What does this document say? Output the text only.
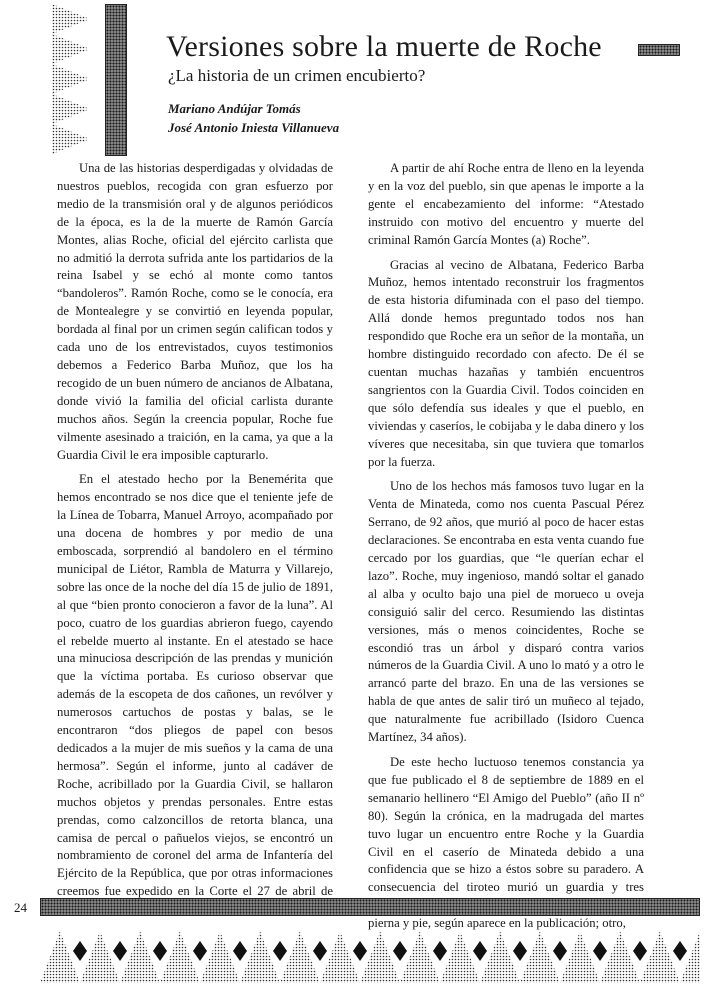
Versiones sobre la muerte de Roche
¿La historia de un crimen encubierto?
Mariano Andújar Tomás
José Antonio Iniesta Villanueva

Una de las historias desperdigadas y olvidadas de nuestros pueblos, recogida con gran esfuerzo por medio de la transmisión oral y de algunos periódicos de la época, es la de la muerte de Ramón García Montes, alias Roche, oficial del ejército carlista que no admitió la derrota sufrida ante los partidarios de la reina Isabel y se echó al monte como tantos “bandoleros”. Ramón Roche, como se le conocía, era de Montealegre y se convirtió en leyenda popular, bordada al final por un crimen según califican todos y cada uno de los entrevistados, cuyos testimonios debemos a Federico Barba Muñoz, que los ha recogido de un buen número de ancianos de Albatana, donde vivió la familia del oficial carlista durante muchos años. Según la creencia popular, Roche fue vilmente asesinado a traición, en la cama, ya que a la Guardia Civil le era imposible capturarlo.

En el atestado hecho por la Benemérita que hemos encontrado se nos dice que el teniente jefe de la Línea de Tobarra, Manuel Arroyo, acompañado por una docena de hombres y por medio de una emboscada, sorprendió al bandolero en el término municipal de Liétor, Rambla de Maturra y Villarejo, sobre las once de la noche del día 15 de julio de 1891, al que “bien pronto conocieron a favor de la luna”. Al poco, cuatro de los guardias abrieron fuego, cayendo el rebelde muerto al instante. En el atestado se hace una minuciosa descripción de las prendas y munición que la víctima portaba. Es curioso observar que además de la escopeta de dos cañones, un revólver y numerosos cartuchos de postas y balas, se le encontraron “dos pliegos de papel con besos dedicados a la mujer de mis sueños y la cama de una hermosa”. Según el informe, junto al cadáver de Roche, acribillado por la Guardia Civil, se hallaron muchos objetos y prendas personales. Entre estas prendas, como calzoncillos de retorta blanca, una camisa de percal o pañuelos viejos, se encontró un nombramiento de coronel del arma de Infantería del Ejército de la República, que por otras informaciones creemos fue expedido en la Corte el 27 de abril de

A partir de ahí Roche entra de lleno en la leyenda y en la voz del pueblo, sin que apenas le importe a la gente el encabezamiento del informe: “Atestado instruido con motivo del encuentro y muerte del criminal Ramón García Montes (a) Roche”.

Gracias al vecino de Albatana, Federico Barba Muñoz, hemos intentado reconstruir los fragmentos de esta historia difuminada con el paso del tiempo. Allá donde hemos preguntado todos nos han respondido que Roche era un señor de la montaña, un hombre distinguido recordado con afecto. De él se cuentan muchas hazañas y también encuentros sangrientos con la Guardia Civil. Todos coinciden en que sólo defendía sus ideales y que el pueblo, en viviendas y caseríos, le cobijaba y le daba dinero y los víveres que necesitaba, sin que tuviera que tomarlos por la fuerza.

Uno de los hechos más famosos tuvo lugar en la Venta de Minateda, como nos cuenta Pascual Pérez Serrano, de 92 años, que murió al poco de hacer estas declaraciones. Se encontraba en esta venta cuando fue cercado por los guardias, que “le querían echar el lazo”. Roche, muy ingenioso, mandó soltar el ganado al alba y oculto bajo una piel de morueco u oveja consiguió salir del cerco. Resumiendo las distintas versiones, más o menos coincidentes, Roche se escondió tras un árbol y disparó contra varios números de la Guardia Civil. A uno lo mató y a otro le arrancó parte del brazo. En una de las versiones se habla de que antes de salir tiró un muñeco al tejado, que naturalmente fue acribillado (Isidoro Cuenca Martínez, 34 años).

De este hecho luctuoso tenemos constancia ya que fue publicado el 8 de septiembre de 1889 en el semanario hellinero “El Amigo del Pueblo” (año II nº 80). Según la crónica, en la madrugada del martes tuvo lugar un encuentro entre Roche y la Guardia Civil en el caserío de Minateda debido a una confidencia que se hizo a éstos sobre su paradero. A consecuencia del tiroteo murió un guardia y tres pierna y pie, según aparece en la publicación; otro,

24
